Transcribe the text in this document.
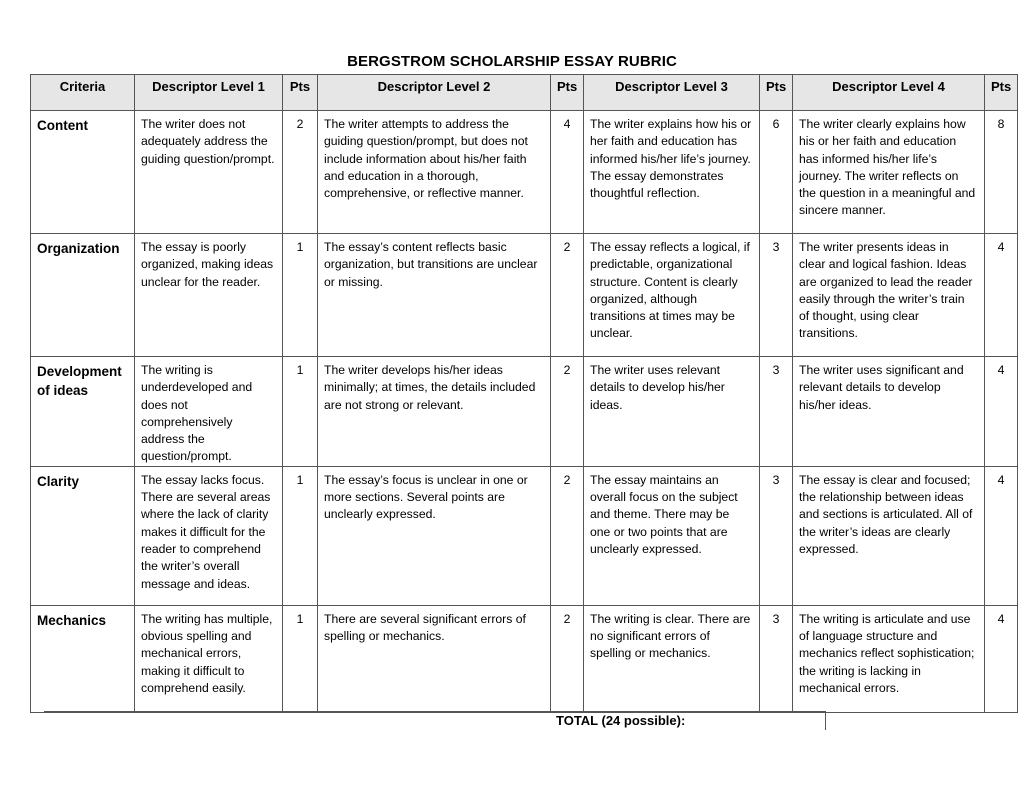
BERGSTROM SCHOLARSHIP ESSAY RUBRIC
Criteria	Descriptor Level 1	Pts	Descriptor Level 2	Pts	Descriptor Level 3	Pts	Descriptor Level 4	Pts
Content	The writer does not adequately address the guiding question/prompt.	2	The writer attempts to address the guiding question/prompt, but does not include information about his/her faith and education in a thorough, comprehensive, or reflective manner.	4	The writer explains how his or her faith and education has informed his/her life’s journey. The essay demonstrates thoughtful reflection.	6	The writer clearly explains how his or her faith and education has informed his/her life’s journey. The writer reflects on the question in a meaningful and sincere manner.	8
Organization	The essay is poorly organized, making ideas unclear for the reader.	1	The essay’s content reflects basic organization, but transitions are unclear or missing.	2	The essay reflects a logical, if predictable, organizational structure. Content is clearly organized, although transitions at times may be unclear.	3	The writer presents ideas in clear and logical fashion. Ideas are organized to lead the reader easily through the writer’s train of thought, using clear transitions.	4
Development of ideas	The writing is underdeveloped and does not comprehensively address the question/prompt.	1	The writer develops his/her ideas minimally; at times, the details included are not strong or relevant.	2	The writer uses relevant details to develop his/her ideas.	3	The writer uses significant and relevant details to develop his/her ideas.	4
Clarity	The essay lacks focus. There are several areas where the lack of clarity makes it difficult for the reader to comprehend the writer’s overall message and ideas.	1	The essay’s focus is unclear in one or more sections. Several points are unclearly expressed.	2	The essay maintains an overall focus on the subject and theme. There may be one or two points that are unclearly expressed.	3	The essay is clear and focused; the relationship between ideas and sections is articulated. All of the writer’s ideas are clearly expressed.	4
Mechanics	The writing has multiple, obvious spelling and mechanical errors, making it difficult to comprehend easily.	1	There are several significant errors of spelling or mechanics.	2	The writing is clear. There are no significant errors of spelling or mechanics.	3	The writing is articulate and use of language structure and mechanics reflect sophistication; the writing is lacking in mechanical errors.	4
TOTAL (24 possible):
